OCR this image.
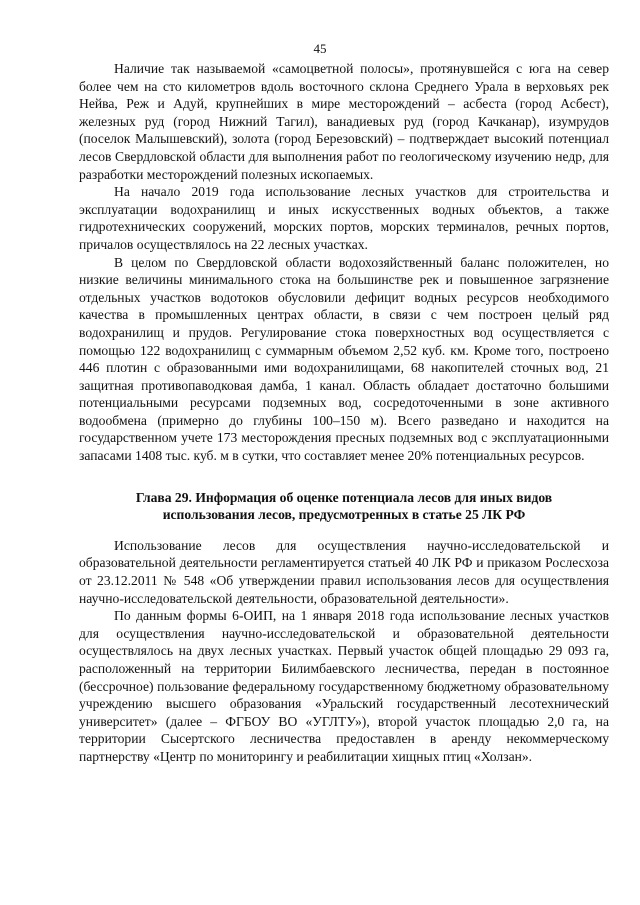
45

Наличие так называемой «самоцветной полосы», протянувшейся с юга на север более чем на сто километров вдоль восточного склона Среднего Урала в верховьях рек Нейва, Реж и Адуй, крупнейших в мире месторождений – асбеста (город Асбест), железных руд (город Нижний Тагил), ванадиевых руд (город Качканар), изумрудов (поселок Малышевский), золота (город Березовский) – подтверждает высокий потенциал лесов Свердловской области для выполнения работ по геологическому изучению недр, для разработки месторождений полезных ископаемых.

На начало 2019 года использование лесных участков для строительства и эксплуатации водохранилищ и иных искусственных водных объектов, а также гидротехнических сооружений, морских портов, морских терминалов, речных портов, причалов осуществлялось на 22 лесных участках.

В целом по Свердловской области водохозяйственный баланс положителен, но низкие величины минимального стока на большинстве рек и повышенное загрязнение отдельных участков водотоков обусловили дефицит водных ресурсов необходимого качества в промышленных центрах области, в связи с чем построен целый ряд водохранилищ и прудов. Регулирование стока поверхностных вод осуществляется с помощью 122 водохранилищ с суммарным объемом 2,52 куб. км. Кроме того, построено 446 плотин с образованными ими водохранилищами, 68 накопителей сточных вод, 21 защитная противопаводковая дамба, 1 канал. Область обладает достаточно большими потенциальными ресурсами подземных вод, сосредоточенными в зоне активного водообмена (примерно до глубины 100–150 м). Всего разведано и находится на государственном учете 173 месторождения пресных подземных вод с эксплуатационными запасами 1408 тыс. куб. м в сутки, что составляет менее 20% потенциальных ресурсов.

Глава 29. Информация об оценке потенциала лесов для иных видов
использования лесов, предусмотренных в статье 25 ЛК РФ

Использование лесов для осуществления научно-исследовательской и образовательной деятельности регламентируется статьей 40 ЛК РФ и приказом Рослесхоза от 23.12.2011 № 548 «Об утверждении правил использования лесов для осуществления научно-исследовательской деятельности, образовательной деятельности».

По данным формы 6-ОИП, на 1 января 2018 года использование лесных участков для осуществления научно-исследовательской и образовательной деятельности осуществлялось на двух лесных участках. Первый участок общей площадью 29 093 га, расположенный на территории Билимбаевского лесничества, передан в постоянное (бессрочное) пользование федеральному государственному бюджетному образовательному учреждению высшего образования «Уральский государственный лесотехнический университет» (далее – ФГБОУ ВО «УГЛТУ»), второй участок площадью 2,0 га, на территории Сысертского лесничества предоставлен в аренду некоммерческому партнерству «Центр по мониторингу и реабилитации хищных птиц «Холзан».
